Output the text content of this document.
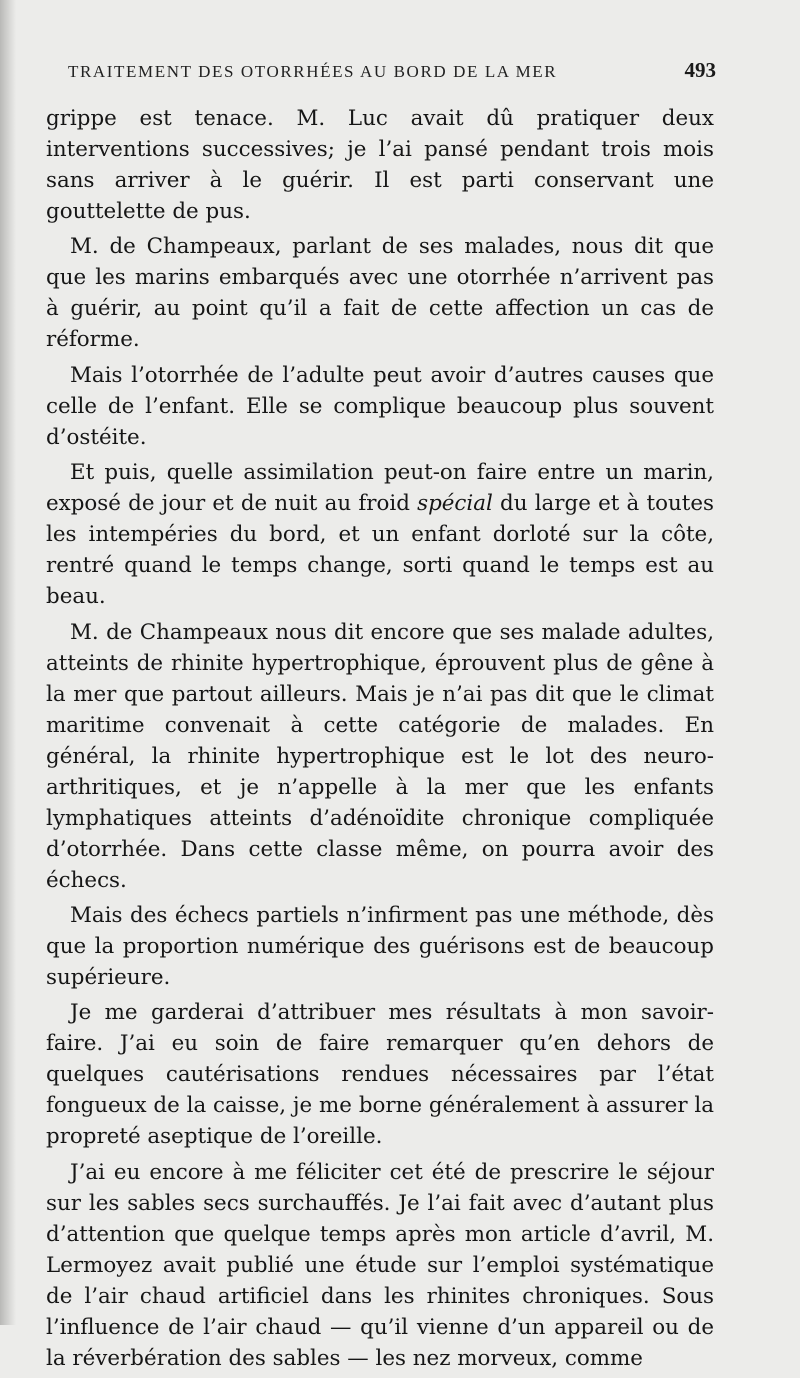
TRAITEMENT DES OTORRHÉES AU BORD DE LA MER	493

grippe est tenace. M. Luc avait dû pratiquer deux interventions successives; je l’ai pansé pendant trois mois sans arriver à le guérir. Il est parti conservant une gouttelette de pus.

M. de Champeaux, parlant de ses malades, nous dit que que les marins embarqués avec une otorrhée n’arrivent pas à guérir, au point qu’il a fait de cette affection un cas de réforme.

Mais l’otorrhée de l’adulte peut avoir d’autres causes que celle de l’enfant. Elle se complique beaucoup plus souvent d’ostéite.

Et puis, quelle assimilation peut-on faire entre un marin, exposé de jour et de nuit au froid spécial du large et à toutes les intempéries du bord, et un enfant dorloté sur la côte, rentré quand le temps change, sorti quand le temps est au beau.

M. de Champeaux nous dit encore que ses malade adultes, atteints de rhinite hypertrophique, éprouvent plus de gêne à la mer que partout ailleurs. Mais je n’ai pas dit que le climat maritime convenait à cette catégorie de malades. En général, la rhinite hypertrophique est le lot des neuro-arthritiques, et je n’appelle à la mer que les enfants lymphatiques atteints d’adénoïdite chronique compliquée d’otorrhée. Dans cette classe même, on pourra avoir des échecs.

Mais des échecs partiels n’infirment pas une méthode, dès que la proportion numérique des guérisons est de beaucoup supérieure.

Je me garderai d’attribuer mes résultats à mon savoir-faire. J’ai eu soin de faire remarquer qu’en dehors de quelques cautérisations rendues nécessaires par l’état fongueux de la caisse, je me borne généralement à assurer la propreté aseptique de l’oreille.

J’ai eu encore à me féliciter cet été de prescrire le séjour sur les sables secs surchauffés. Je l’ai fait avec d’autant plus d’attention que quelque temps après mon article d’avril, M. Lermoyez avait publié une étude sur l’emploi systématique de l’air chaud artificiel dans les rhinites chroniques. Sous l’influence de l’air chaud — qu’il vienne d’un appareil ou de la réverbération des sables — les nez morveux, comme
